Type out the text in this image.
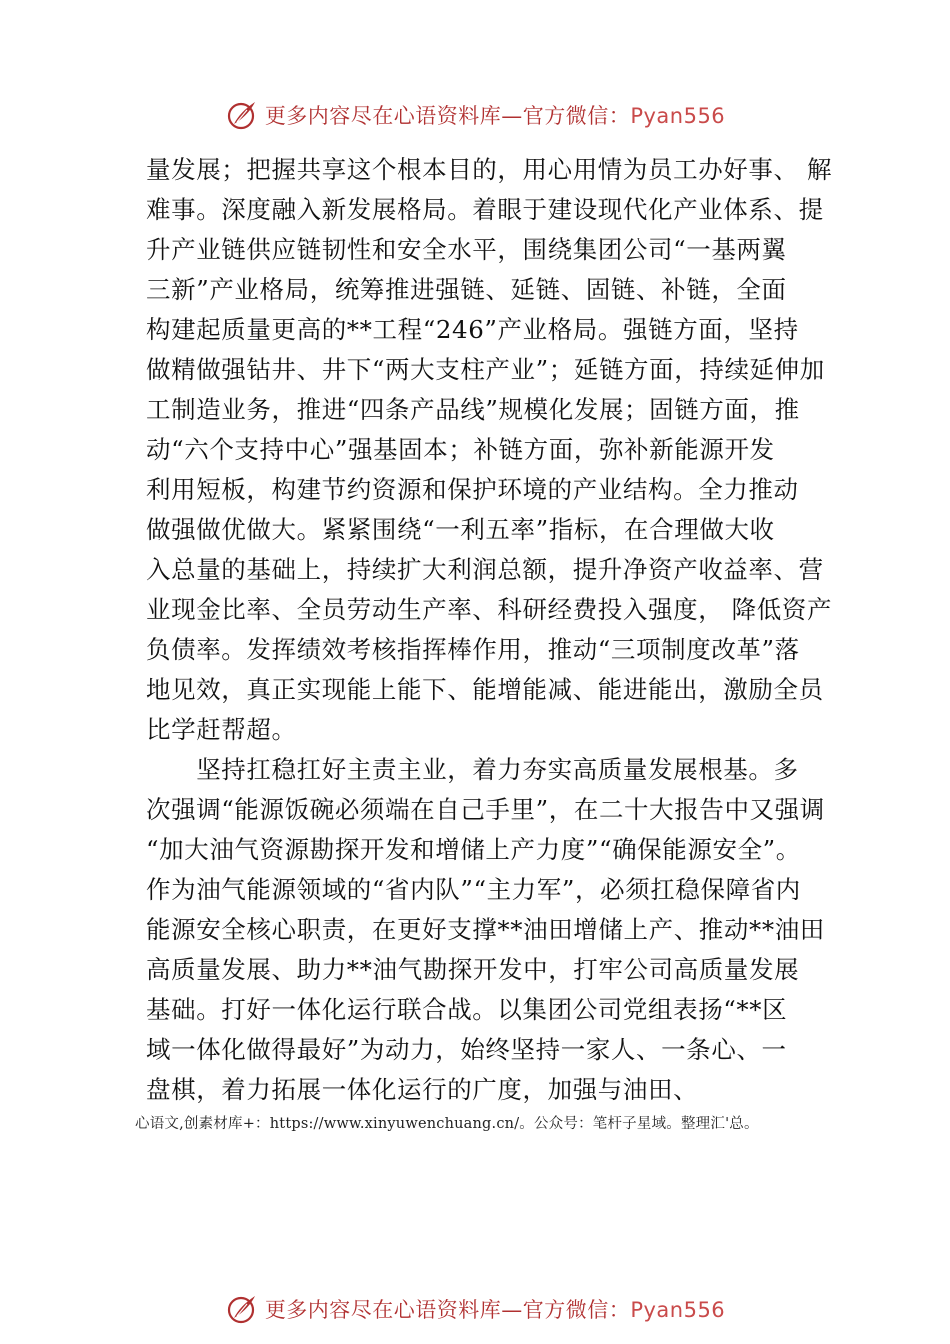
更多内容尽在心语资料库—官方微信：Pyan556
量发展；把握共享这个根本目的，用心用情为员工办好事、 解
难事。深度融入新发展格局。着眼于建设现代化产业体系、提
升产业链供应链韧性和安全水平，围绕集团公司“一基两翼
三新”产业格局，统筹推进强链、延链、固链、补链，全面
构建起质量更高的**工程“246”产业格局。强链方面，坚持
做精做强钻井、井下“两大支柱产业”；延链方面，持续延伸加
工制造业务，推进“四条产品线”规模化发展；固链方面，推
动“六个支持中心”强基固本；补链方面，弥补新能源开发
利用短板，构建节约资源和保护环境的产业结构。全力推动
做强做优做大。紧紧围绕“一利五率”指标，在合理做大收
入总量的基础上，持续扩大利润总额，提升净资产收益率、营
业现金比率、全员劳动生产率、科研经费投入强度， 降低资产
负债率。发挥绩效考核指挥棒作用，推动“三项制度改革”落
地见效，真正实现能上能下、能增能减、能进能出，激励全员
比学赶帮超。
　　坚持扛稳扛好主责主业，着力夯实高质量发展根基。多
次强调“能源饭碗必须端在自己手里”，在二十大报告中又强调
“加大油气资源勘探开发和增储上产力度”“确保能源安全”。
作为油气能源领域的“省内队”“主力军”，必须扛稳保障省内
能源安全核心职责，在更好支撑**油田增储上产、推动**油田
高质量发展、助力**油气勘探开发中，打牢公司高质量发展
基础。打好一体化运行联合战。以集团公司党组表扬“**区
域一体化做得最好”为动力，始终坚持一家人、一条心、一
盘棋，着力拓展一体化运行的广度，加强与油田、
心语文,创素材库+：https://www.xinyuwenchuang.cn/。公众号：笔杆子星域。整理汇'总。
更多内容尽在心语资料库—官方微信：Pyan556
